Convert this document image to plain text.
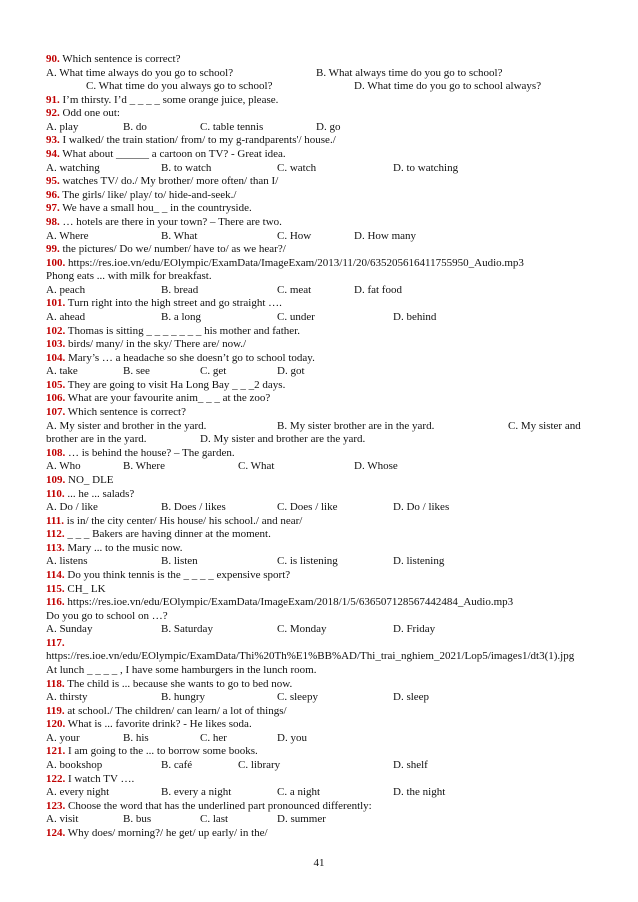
90. Which sentence is correct?
A. What time always do you go to school?	B. What always time do you go to school?
C. What time do you always go to school?	D. What time do you go to school always?
91. I’m thirsty. I’d _ _ _ _ some orange juice, please.
92. Odd one out:
A. play	B. do	C. table tennis	D. go
93. I walked/ the train station/ from/ to my g-randparents'/ house./
94. What about ______ a cartoon on TV? - Great idea.
A. watching	B. to watch	C. watch	D. to watching
95. watches TV/ do./ My brother/ more often/ than I/
96. The girls/ like/ play/ to/ hide-and-seek./
97. We have a small hou_ _ in the countryside.
98. … hotels are there in your town? – There are two.
A. Where	B. What	C. How	D. How many
99. the pictures/ Do we/ number/ have to/ as we hear?/
100. https://res.ioe.vn/edu/EOlympic/ExamData/ImageExam/2013/11/20/635205616411755950_Audio.mp3
Phong eats ... with milk for breakfast.
A. peach	B. bread	C. meat	D. fat food
101. Turn right into the high street and go straight ….
A. ahead	B. a long	C. under	D. behind
102. Thomas is sitting _ _ _ _ _ _ _ his mother and father.
103. birds/ many/ in the sky/ There are/ now./
104. Mary’s … a headache so she doesn’t go to school today.
A. take	B. see	C. get	D. got
105. They are going to visit Ha Long Bay _ _ _2 days.
106. What are your favourite anim_ _ _ at the zoo?
107. Which sentence is correct?
A. My sister and brother in the yard.	B. My sister brother are in the yard.	C. My sister and
brother are in the yard.	D. My sister and brother are the yard.
108. … is behind the house? – The garden.
A. Who	B. Where	C. What	D. Whose
109. NO_ DLE
110. ... he ... salads?
A. Do / like	B. Does / likes	C. Does / like	D. Do / likes
111. is in/ the city center/ His house/ his school./ and near/
112. _ _ _ Bakers are having dinner at the moment.
113. Mary ... to the music now.
A. listens	B. listen	C. is listening	D. listening
114. Do you think tennis is the _ _ _ _ expensive sport?
115. CH_ LK
116. https://res.ioe.vn/edu/EOlympic/ExamData/ImageExam/2018/1/5/636507128567442484_Audio.mp3
Do you go to school on …?
A. Sunday	B. Saturday	C. Monday	D. Friday
117.
https://res.ioe.vn/edu/EOlympic/ExamData/Thi%20Th%E1%BB%AD/Thi_trai_nghiem_2021/Lop5/images1/dt3(1).jpg
At lunch _ _ _ _ , I have some hamburgers in the lunch room.
118. The child is ... because she wants to go to bed now.
A. thirsty	B. hungry	C. sleepy	D. sleep
119. at school./ The children/ can learn/ a lot of things/
120. What is ... favorite drink? - He likes soda.
A. your	B. his	C. her	D. you
121. I am going to the ... to borrow some books.
A. bookshop	B. café	C. library	D. shelf
122. I watch TV ….
A. every night	B. every a night	C. a night	D. the night
123. Choose the word that has the underlined part pronounced differently:
A. visit	B. bus	C. last	D. summer
124. Why does/ morning?/ he get/ up early/ in the/
41
